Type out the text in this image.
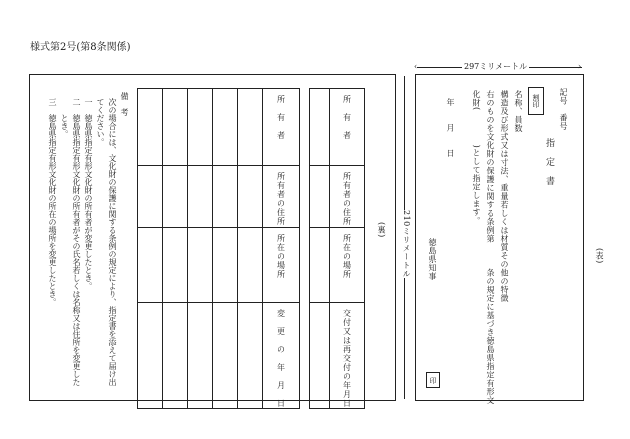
様式第2号(第8条関係)
‹	›
297ミリメートル
210ミリメートル
(裏)
(表)
備　考
次の場合には、文化財の保護に関する条例の規定により、指定書を添えて届け出
てください。
一　徳島県指定有形文化財の所有者が変更したとき。
二　徳島県指定有形文化財の所有者がその氏名若しくは名称又は住所を変更した
　　とき。
三　徳島県指定有形文化財の所在の場所を変更したとき。

					所　有　者

					所有者の住所

					所在の場所

					変　更　の　年　月　日

	所　有　者

	所有者の住所

	所在の場所

	交付又は再交付の年月日
割印 記号　番号
指　定　書
名称、員数
構造及び形式又は寸法、重量若しくは材質その他の特徴
右のものを文化財の保護に関する条例第　　　条の規定に基づき徳島県指定有形文
化財(　　　　)として指定します。
年　　月　　日
徳島県知事
印
